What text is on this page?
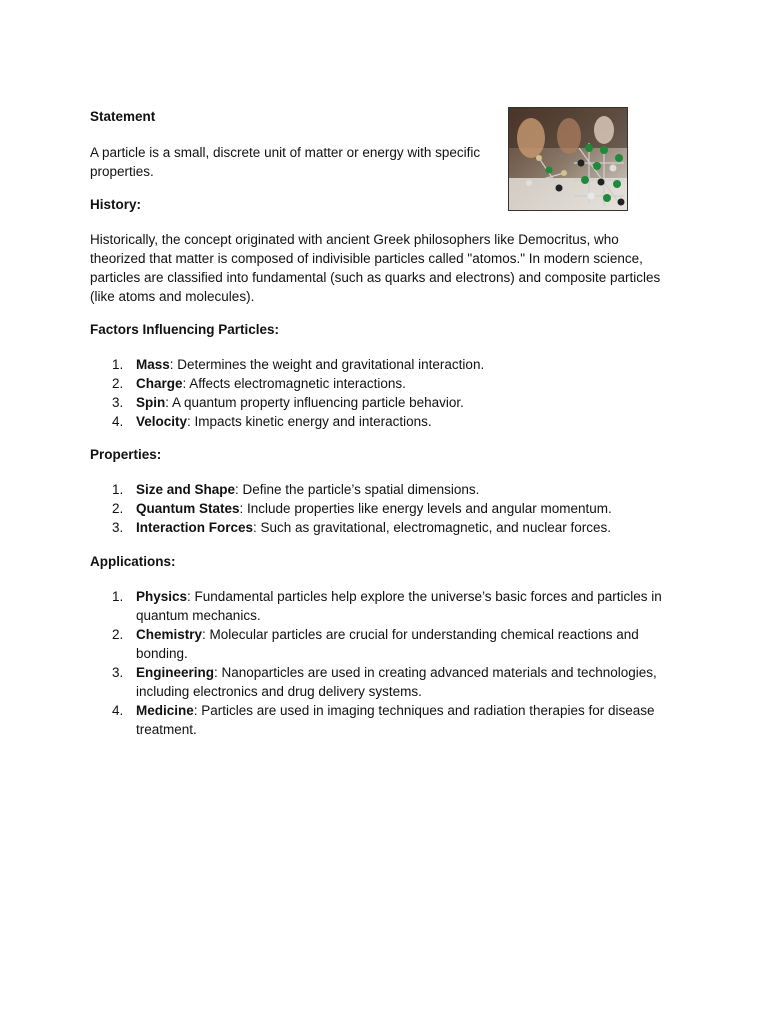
Statement

A particle is a small, discrete unit of matter or energy with specific
properties.

History:

Historically, the concept originated with ancient Greek philosophers like Democritus, who theorized that matter is composed of indivisible particles called "atomos." In modern science, particles are classified into fundamental (such as quarks and electrons) and composite particles (like atoms and molecules).

Factors Influencing Particles:

1. Mass: Determines the weight and gravitational interaction.
2. Charge: Affects electromagnetic interactions.
3. Spin: A quantum property influencing particle behavior.
4. Velocity: Impacts kinetic energy and interactions.

Properties:

1. Size and Shape: Define the particle’s spatial dimensions.
2. Quantum States: Include properties like energy levels and angular momentum.
3. Interaction Forces: Such as gravitational, electromagnetic, and nuclear forces.

Applications:

1. Physics: Fundamental particles help explore the universe’s basic forces and particles in quantum mechanics.
2. Chemistry: Molecular particles are crucial for understanding chemical reactions and bonding.
3. Engineering: Nanoparticles are used in creating advanced materials and technologies, including electronics and drug delivery systems.
4. Medicine: Particles are used in imaging techniques and radiation therapies for disease treatment.
